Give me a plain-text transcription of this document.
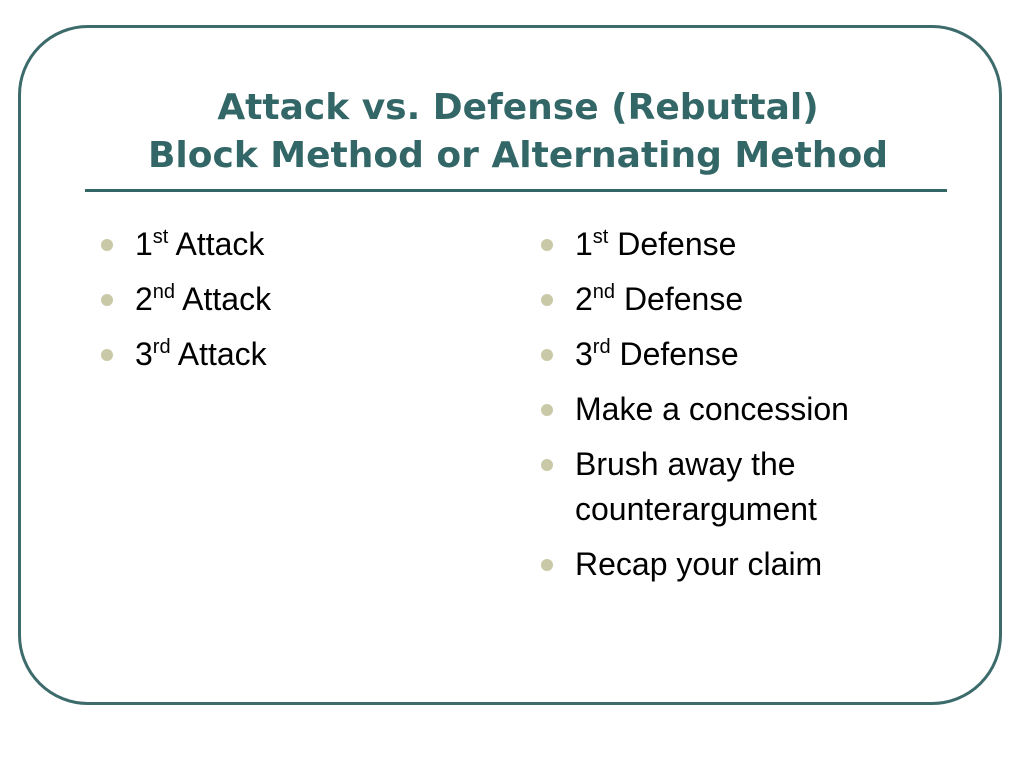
Attack vs. Defense (Rebuttal)
Block Method or Alternating Method
1st Attack
2nd Attack
3rd Attack
1st Defense
2nd Defense
3rd Defense
Make a concession
Brush away the counterargument
Recap your claim
